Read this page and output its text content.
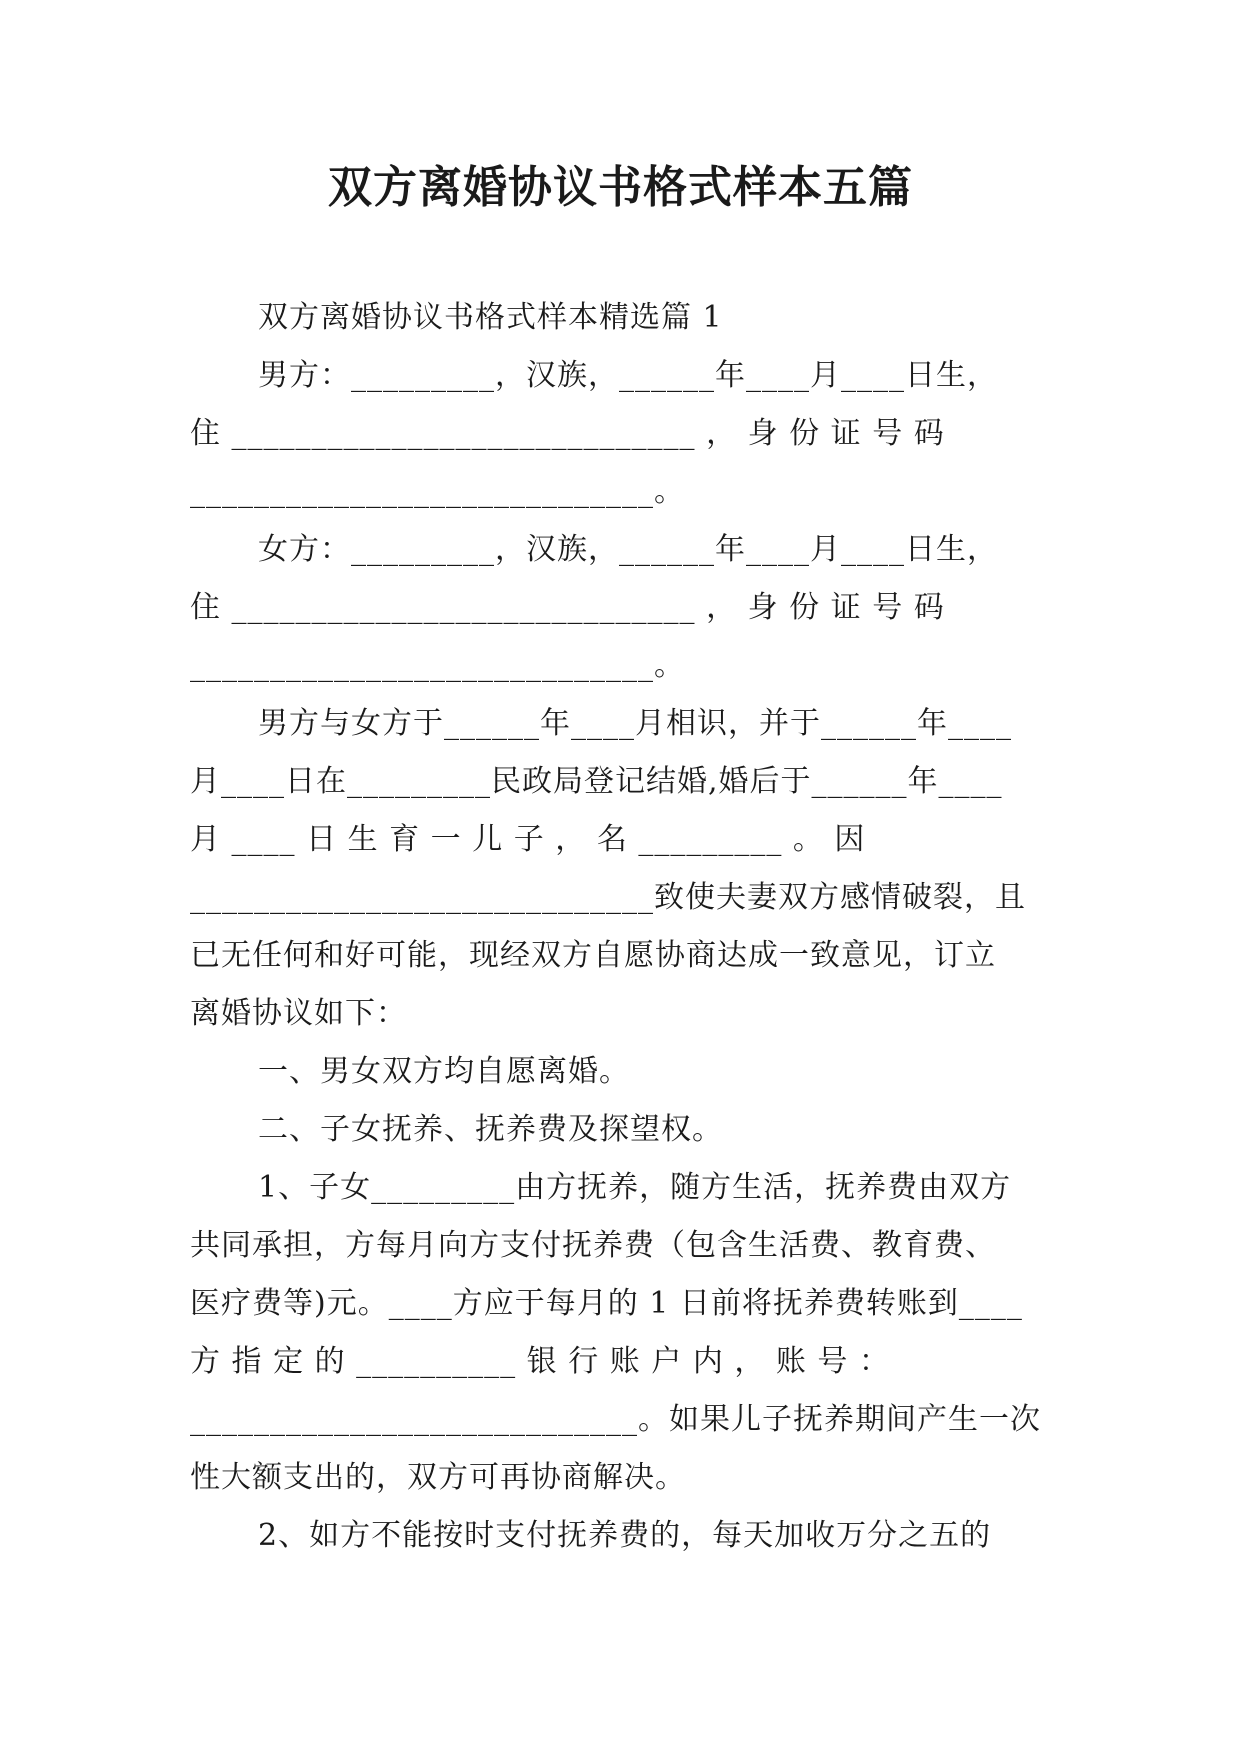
双方离婚协议书格式样本五篇
双方离婚协议书格式样本精选篇 1
男方：_________，汉族，______年____月____日生，
住 _____________________________ ， 身 份 证 号 码
_____________________________。
女方：_________，汉族，______年____月____日生，
住 _____________________________ ， 身 份 证 号 码
_____________________________。
男方与女方于______年____月相识，并于______年____
月____日在_________民政局登记结婚,婚后于______年____
月 ____ 日 生 育 一 儿 子 ， 名 _________ 。 因
_____________________________致使夫妻双方感情破裂，且
已无任何和好可能，现经双方自愿协商达成一致意见，订立
离婚协议如下：
一、男女双方均自愿离婚。
二、子女抚养、抚养费及探望权。
1、子女_________由方抚养，随方生活，抚养费由双方
共同承担，方每月向方支付抚养费（包含生活费、教育费、
医疗费等)元。____方应于每月的 1 日前将抚养费转账到____
方 指 定 的 __________ 银 行 账 户 内 ， 账 号 ：
____________________________。如果儿子抚养期间产生一次
性大额支出的，双方可再协商解决。
2、如方不能按时支付抚养费的，每天加收万分之五的
